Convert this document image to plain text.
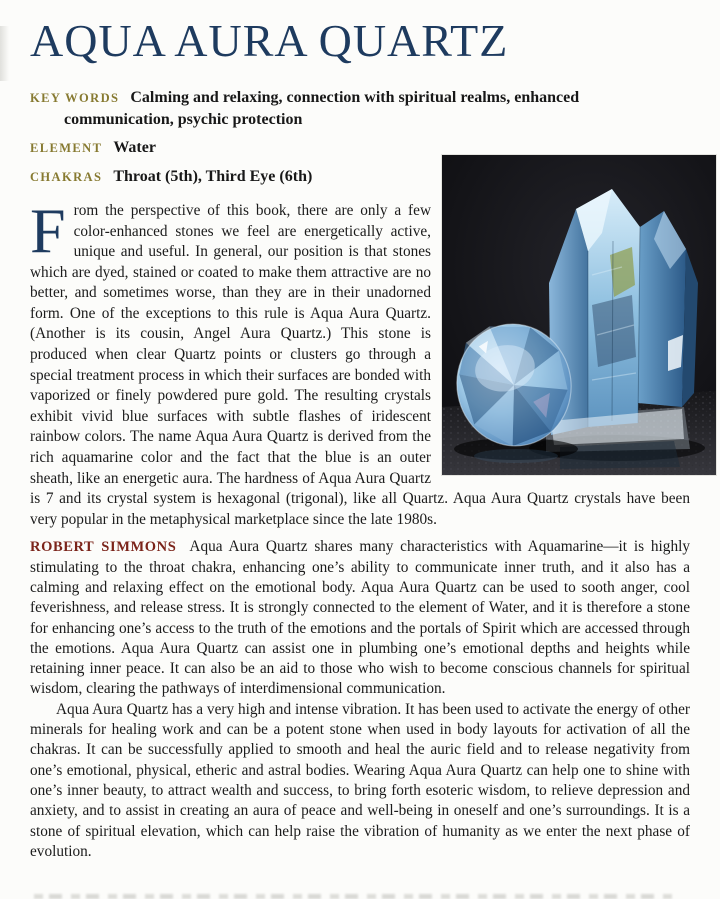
AQUA AURA QUARTZ
KEY WORDS Calming and relaxing, connection with spiritual realms, enhanced communication, psychic protection
ELEMENT Water
CHAKRAS Throat (5th), Third Eye (6th)

From the perspective of this book, there are only a few color-enhanced stones we feel are energetically active, unique and useful. In general, our position is that stones which are dyed, stained or coated to make them attractive are no better, and sometimes worse, than they are in their unadorned form. One of the exceptions to this rule is Aqua Aura Quartz. (Another is its cousin, Angel Aura Quartz.) This stone is produced when clear Quartz points or clusters go through a special treatment process in which their surfaces are bonded with vaporized or finely powdered pure gold. The resulting crystals exhibit vivid blue surfaces with subtle flashes of iridescent rainbow colors. The name Aqua Aura Quartz is derived from the rich aquamarine color and the fact that the blue is an outer sheath, like an energetic aura. The hardness of Aqua Aura Quartz is 7 and its crystal system is hexagonal (trigonal), like all Quartz. Aqua Aura Quartz crystals have been very popular in the metaphysical marketplace since the late 1980s.

ROBERT SIMMONS Aqua Aura Quartz shares many characteristics with Aquamarine—it is highly stimulating to the throat chakra, enhancing one’s ability to communicate inner truth, and it also has a calming and relaxing effect on the emotional body. Aqua Aura Quartz can be used to sooth anger, cool feverishness, and release stress. It is strongly connected to the element of Water, and it is therefore a stone for enhancing one’s access to the truth of the emotions and the portals of Spirit which are accessed through the emotions. Aqua Aura Quartz can assist one in plumbing one’s emotional depths and heights while retaining inner peace. It can also be an aid to those who wish to become conscious channels for spiritual wisdom, clearing the pathways of interdimensional communication.

Aqua Aura Quartz has a very high and intense vibration. It has been used to activate the energy of other minerals for healing work and can be a potent stone when used in body layouts for activation of all the chakras. It can be successfully applied to smooth and heal the auric field and to release negativity from one’s emotional, physical, etheric and astral bodies. Wearing Aqua Aura Quartz can help one to shine with one’s inner beauty, to attract wealth and success, to bring forth esoteric wisdom, to relieve depression and anxiety, and to assist in creating an aura of peace and well-being in oneself and one’s surroundings. It is a stone of spiritual elevation, which can help raise the vibration of humanity as we enter the next phase of evolution.
